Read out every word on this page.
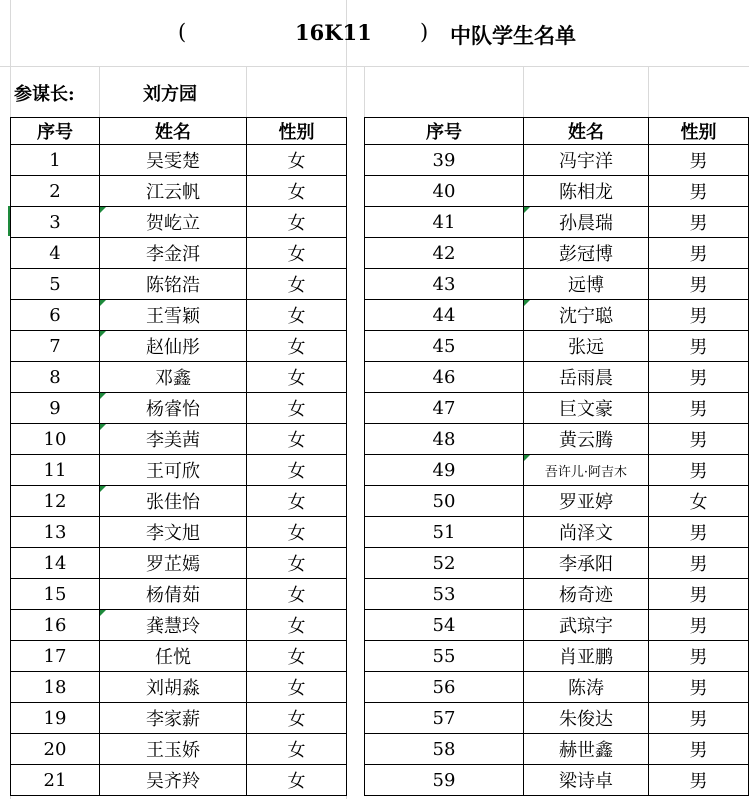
(	16K11 ) 中队学生名单
参谋长:	刘方园
序号	姓名	性别
1	吴雯楚	女
2	江云帆	女
3	贺屹立	女
4	李金洱	女
5	陈铭浩	女
6	王雪颖	女
7	赵仙彤	女
8	邓鑫	女
9	杨睿怡	女
10	李美茜	女
11	王可欣	女
12	张佳怡	女
13	李文旭	女
14	罗芷嫣	女
15	杨倩茹	女
16	龚慧玲	女
17	任悦	女
18	刘胡淼	女
19	李家薪	女
20	王玉娇	女
21	吴齐羚	女
序号	姓名	性别
39	冯宇洋	男
40	陈相龙	男
41	孙晨瑞	男
42	彭冠博	男
43	远博	男
44	沈宁聪	男
45	张远	男
46	岳雨晨	男
47	巨文豪	男
48	黄云腾	男
49	吾许儿·阿吉木	男
50	罗亚婷	女
51	尚泽文	男
52	李承阳	男
53	杨奇迹	男
54	武琼宇	男
55	肖亚鹏	男
56	陈涛	男
57	朱俊达	男
58	赫世鑫	男
59	梁诗卓	男
